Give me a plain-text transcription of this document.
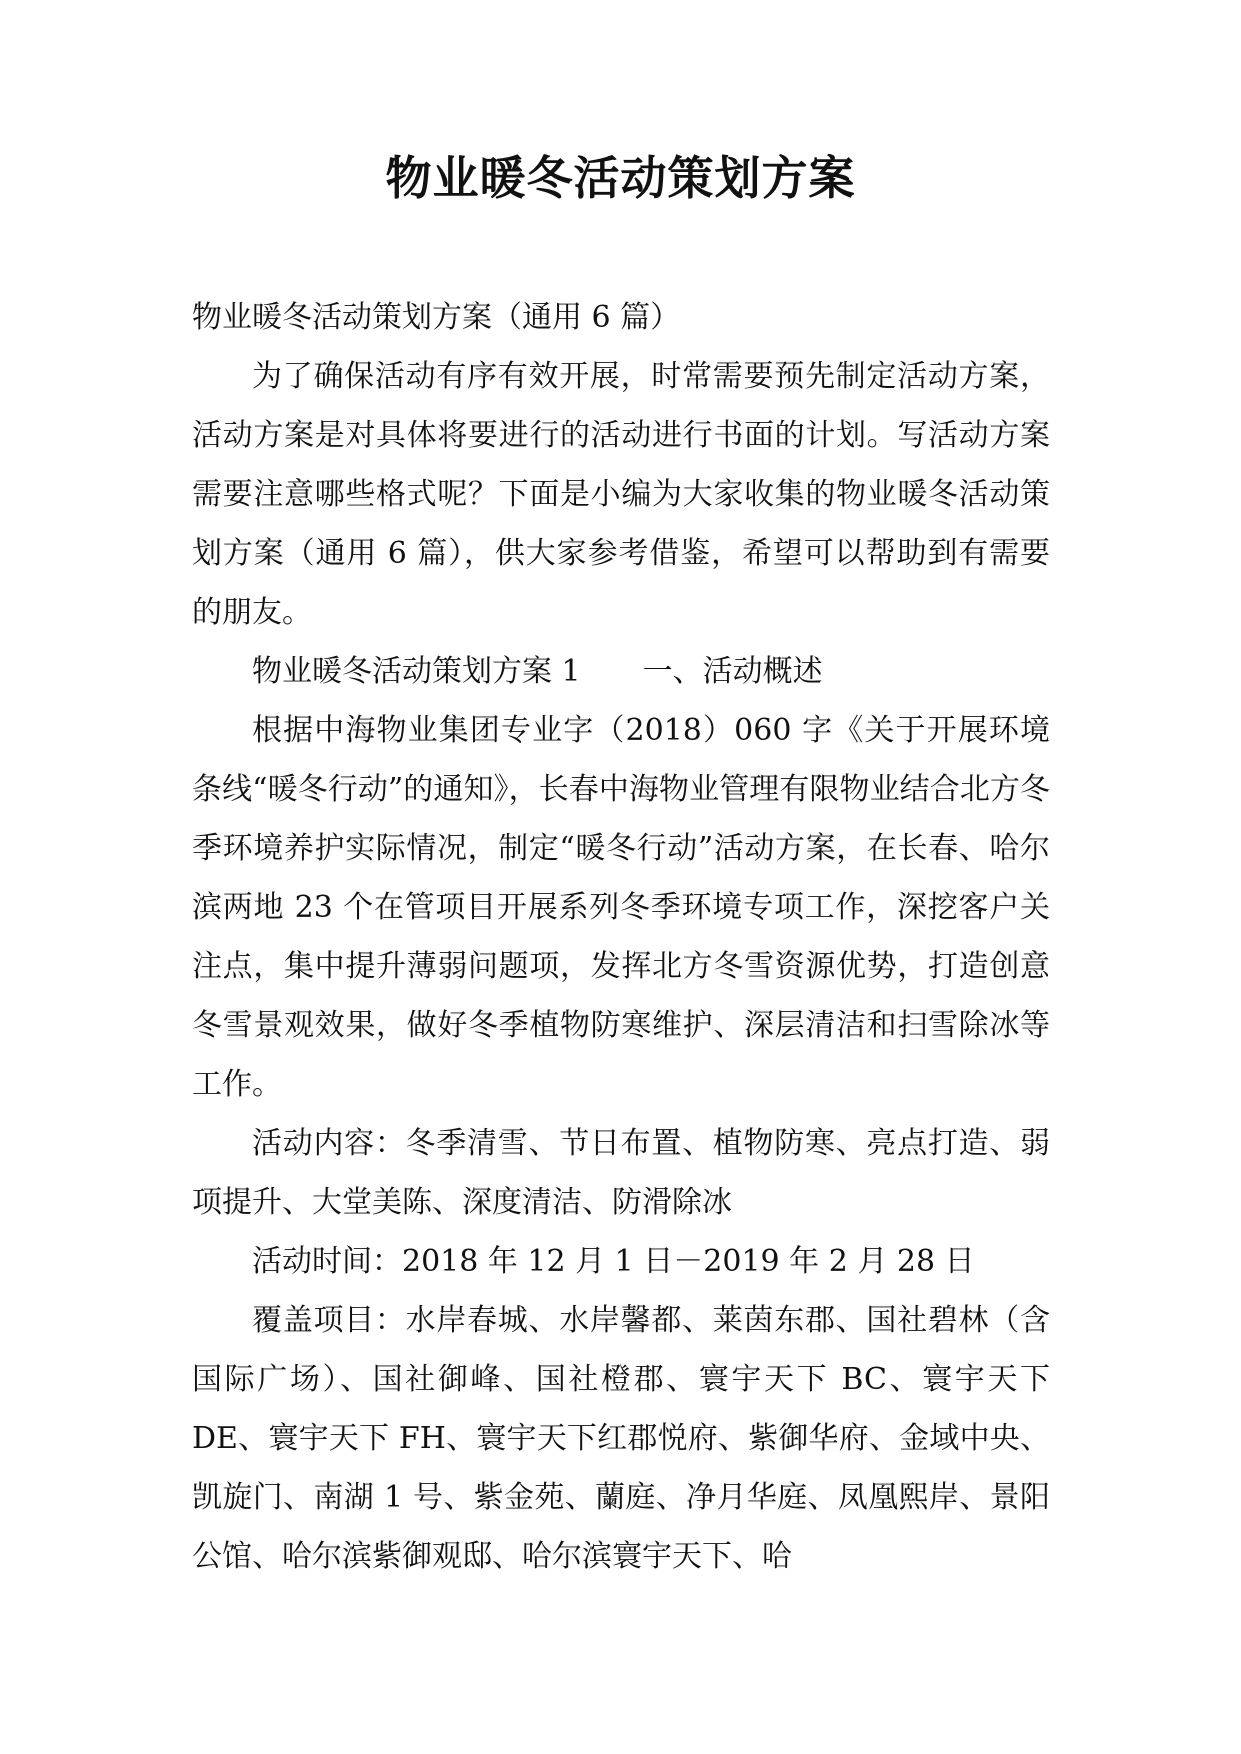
物业暖冬活动策划方案

物业暖冬活动策划方案（通用 6 篇）

为了确保活动有序有效开展，时常需要预先制定活动方案，活动方案是对具体将要进行的活动进行书面的计划。写活动方案需要注意哪些格式呢？下面是小编为大家收集的物业暖冬活动策划方案（通用 6 篇），供大家参考借鉴，希望可以帮助到有需要的朋友。

物业暖冬活动策划方案 1 一、活动概述

根据中海物业集团专业字（2018）060 字《关于开展环境条线“暖冬行动”的通知》，长春中海物业管理有限物业结合北方冬季环境养护实际情况，制定“暖冬行动”活动方案，在长春、哈尔滨两地 23 个在管项目开展系列冬季环境专项工作，深挖客户关注点，集中提升薄弱问题项，发挥北方冬雪资源优势，打造创意冬雪景观效果，做好冬季植物防寒维护、深层清洁和扫雪除冰等工作。

活动内容：冬季清雪、节日布置、植物防寒、亮点打造、弱项提升、大堂美陈、深度清洁、防滑除冰

活动时间：2018 年 12 月 1 日－2019 年 2 月 28 日

覆盖项目：水岸春城、水岸馨都、莱茵东郡、国社碧林（含国际广场）、国社御峰、国社橙郡、寰宇天下 BC、寰宇天下 DE、寰宇天下 FH、寰宇天下红郡悦府、紫御华府、金域中央、凯旋门、南湖 1 号、紫金苑、蘭庭、净月华庭、凤凰熙岸、景阳公馆、哈尔滨紫御观邸、哈尔滨寰宇天下、哈
